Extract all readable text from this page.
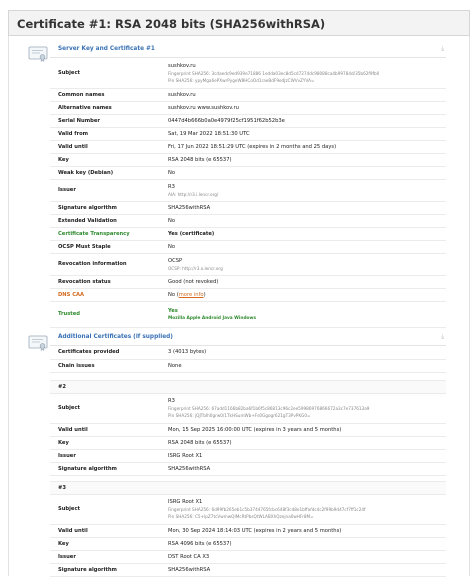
Certificate #1: RSA 2048 bits (SHA256withRSA)
Server Key and Certificate #1	⤓
Subject	sushkov.ru
Fingerprint SHA256: 3cdaedc9ed939e71886 1edda03ec8d5cd7274dc98088ca4b99784d/35b62f9fb0
Pin SHA256: ypyMga6ePXwrPygeW8HCoOd1raeBdF9edJzCWVvZYVA=

Common names	sushkov.ru
Alternative names	sushkov.ru www.sushkov.ru
Serial Number	0447d4b666b0a0e4979f25cf1951f62b52b3e
Valid from	Sat, 19 Mar 2022 18:51:30 UTC
Valid until	Fri, 17 Jun 2022 18:51:29 UTC (expires in 2 months and 25 days)
Key	RSA 2048 bits (e 65537)
Weak key (Debian)	No
Issuer	R3
AIA: http://r3.i.lencr.org/

Signature algorithm	SHA256withRSA
Extended Validation	No
Certificate Transparency	Yes (certificate)
OCSP Must Staple	No
Revocation information	OCSP
OCSP: http://r3.o.lencr.org

Revocation status	Good (not revoked)
DNS CAA	No (more info)
Trusted	Yes
Mozilla Apple Android Java Windows
Additional Certificates (if supplied)	⤓
Certificates provided	3 (4013 bytes)
Chain issues	None

#2	
Subject	R3
Fingerprint SHA256: 67add1166b82ba6f1b6f5c86813c96c2ee59986976866672a3c7e737613a9
Pin SHA256: jQJTbIh0grw0/1TkHSumWb+Fs0Ggogr621gT3PvPKG0=

Valid until	Mon, 15 Sep 2025 16:00:00 UTC (expires in 3 years and 5 months)
Key	RSA 2048 bits (e 65537)
Issuer	ISRG Root X1
Signature algorithm	SHA256withRSA

#3	
Subject	ISRG Root X1
Fingerprint SHA256: 6d99fb265eb1c5b3744765fcbc648f3cd8e1bffafdc4c2f99b9d47cf7ff1c24f
Pin SHA256: C5+lpZ7tcVwmwQIMcRtPbsQtWLABXhQzejna0wHFr8M=

Valid until	Mon, 30 Sep 2024 18:14:03 UTC (expires in 2 years and 5 months)
Key	RSA 4096 bits (e 65537)
Issuer	DST Root CA X3
Signature algorithm	SHA256withRSA
